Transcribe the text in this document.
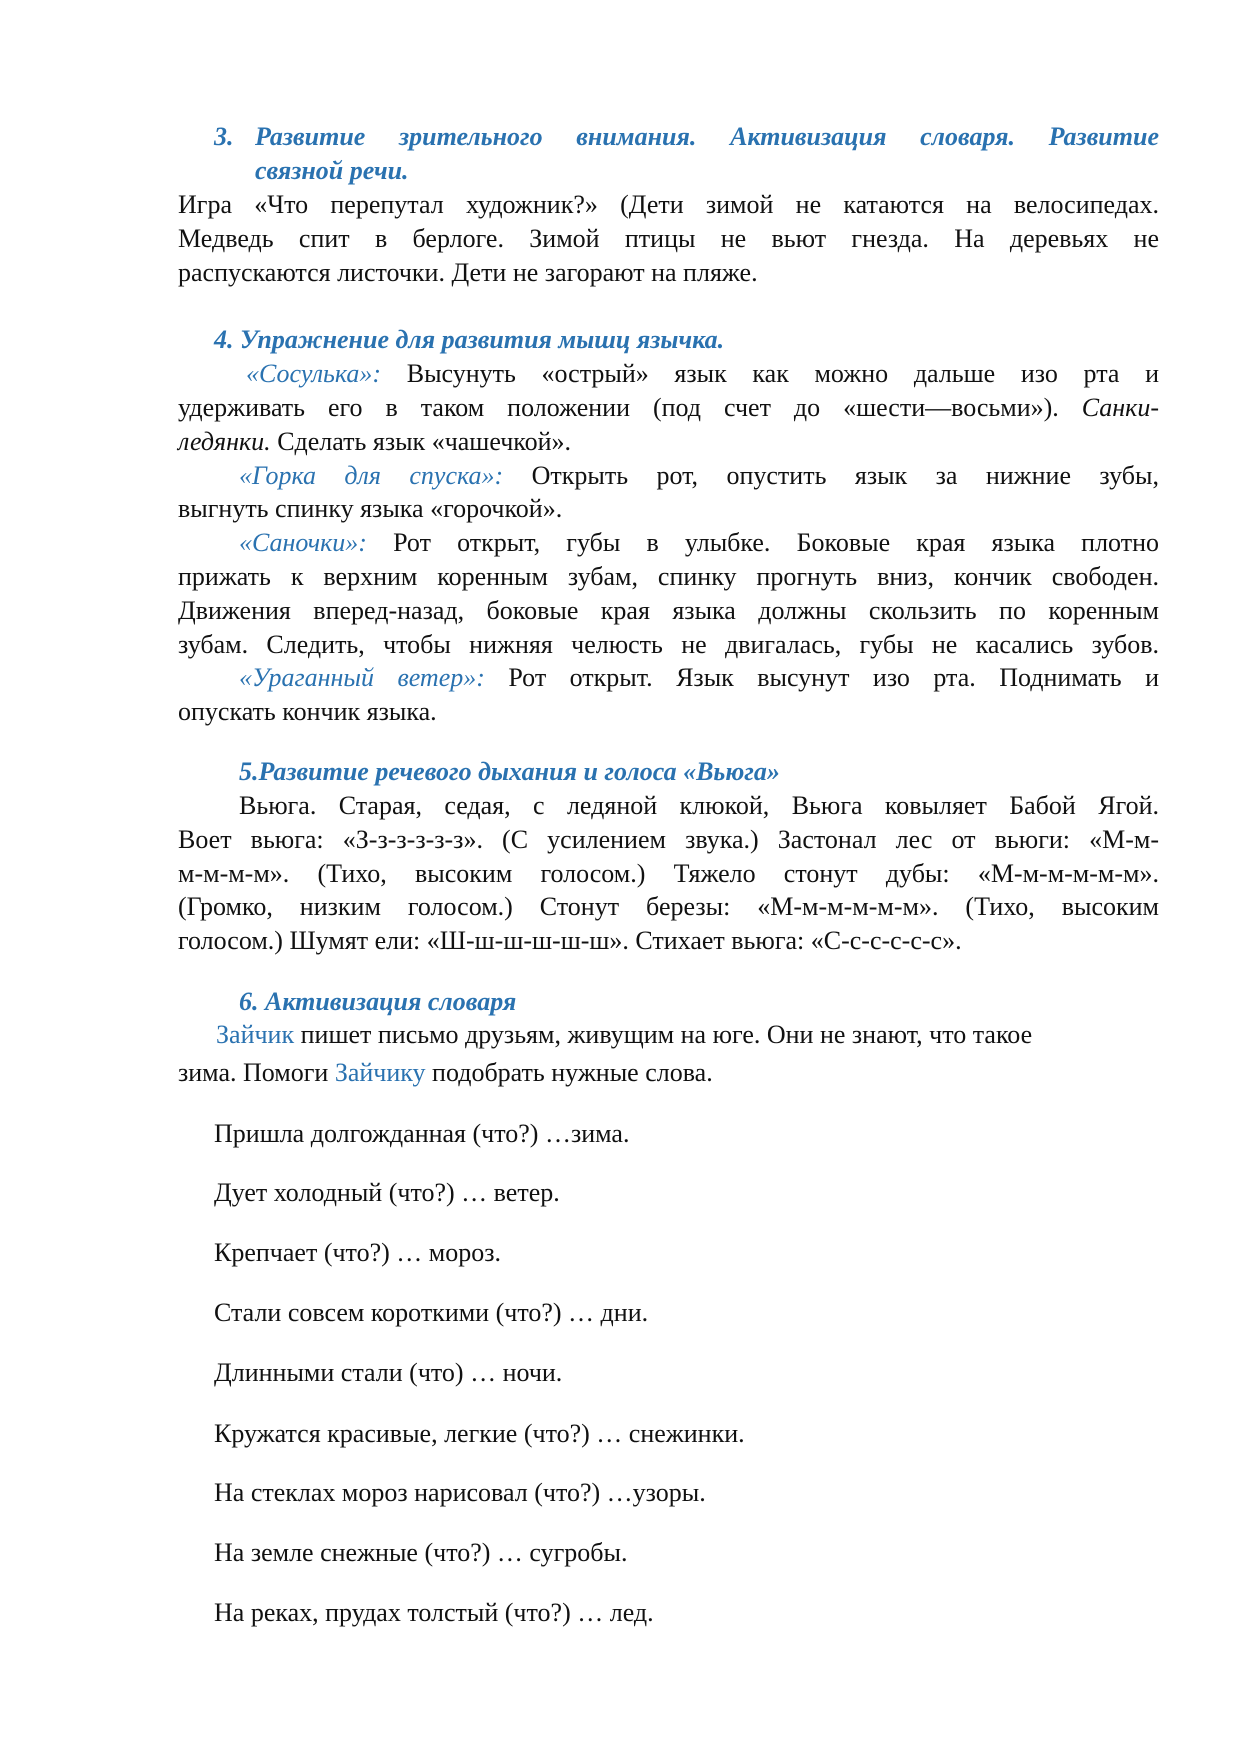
3. Развитие зрительного внимания. Активизация словаря. Развитие
связной речи.
Игра «Что перепутал художник?» (Дети зимой не катаются на велосипедах.
Медведь спит в берлоге. Зимой птицы не вьют гнезда. На деревьях не
распускаются листочки. Дети не загорают на пляже.
4. Упражнение для развития мышц язычка.
«Сосулька»: Высунуть «острый» язык как можно дальше изо рта и
удерживать его в таком положении (под счет до «шести—восьми»). Санки-
ледянки. Сделать язык «чашечкой».
«Горка для спуска»: Открыть рот, опустить язык за нижние зубы,
выгнуть спинку языка «горочкой».
«Саночки»: Рот открыт, губы в улыбке. Боковые края языка плотно
прижать к верхним коренным зубам, спинку прогнуть вниз, кончик свободен.
Движения вперед-назад, боковые края языка должны скользить по коренным
зубам. Следить, чтобы нижняя челюсть не двигалась, губы не касались зубов.
«Ураганный ветер»: Рот открыт. Язык высунут изо рта. Поднимать и
опускать кончик языка.
5.Развитие речевого дыхания и голоса «Вьюга»
Вьюга. Старая, седая, с ледяной клюкой, Вьюга ковыляет Бабой Ягой.
Воет вьюга: «З-з-з-з-з-з». (С усилением звука.) Застонал лес от вьюги: «М-м-
м-м-м-м». (Тихо, высоким голосом.) Тяжело стонут дубы: «М-м-м-м-м-м».
(Громко, низким голосом.) Стонут березы: «М-м-м-м-м-м». (Тихо, высоким
голосом.) Шумят ели: «Ш-ш-ш-ш-ш-ш». Стихает вьюга: «С-с-с-с-с-с».
6. Активизация словаря
Зайчик пишет письмо друзьям, живущим на юге. Они не знают, что такое
зима. Помоги Зайчику подобрать нужные слова.
Пришла долгожданная (что?) …зима.
Дует холодный (что?) … ветер.
Крепчает (что?) … мороз.
Стали совсем короткими (что?) … дни.
Длинными стали (что) … ночи.
Кружатся красивые, легкие (что?) … снежинки.
На стеклах мороз нарисовал (что?) …узоры.
На земле снежные (что?) … сугробы.
На реках, прудах толстый (что?) … лед.
